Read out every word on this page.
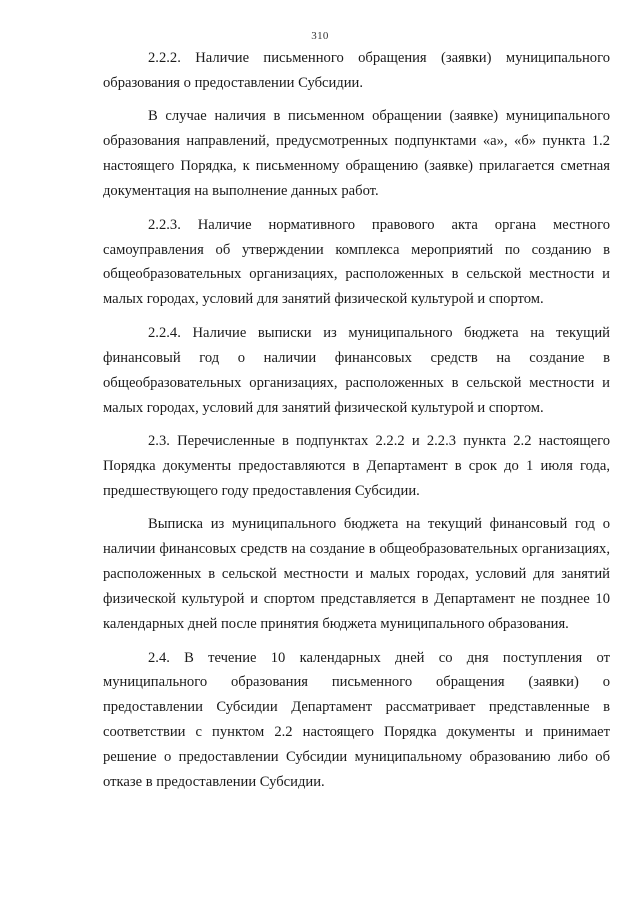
310

2.2.2. Наличие письменного обращения (заявки) муниципального образования о предоставлении Субсидии.

В случае наличия в письменном обращении (заявке) муниципального образования направлений, предусмотренных подпунктами «а», «б» пункта 1.2 настоящего Порядка, к письменному обращению (заявке) прилагается сметная документация на выполнение данных работ.

2.2.3. Наличие нормативного правового акта органа местного самоуправления об утверждении комплекса мероприятий по созданию в общеобразовательных организациях, расположенных в сельской местности и малых городах, условий для занятий физической культурой и спортом.

2.2.4. Наличие выписки из муниципального бюджета на текущий финансовый год о наличии финансовых средств на создание в общеобразовательных организациях, расположенных в сельской местности и малых городах, условий для занятий физической культурой и спортом.

2.3. Перечисленные в подпунктах 2.2.2 и 2.2.3 пункта 2.2 настоящего Порядка документы предоставляются в Департамент в срок до 1 июля года, предшествующего году предоставления Субсидии.

Выписка из муниципального бюджета на текущий финансовый год о наличии финансовых средств на создание в общеобразовательных организациях, расположенных в сельской местности и малых городах, условий для занятий физической культурой и спортом представляется в Департамент не позднее 10 календарных дней после принятия бюджета муниципального образования.

2.4. В течение 10 календарных дней со дня поступления от муниципального образования письменного обращения (заявки) о предоставлении Субсидии Департамент рассматривает представленные в соответствии с пунктом 2.2 настоящего Порядка документы и принимает решение о предоставлении Субсидии муниципальному образованию либо об отказе в предоставлении Субсидии.
